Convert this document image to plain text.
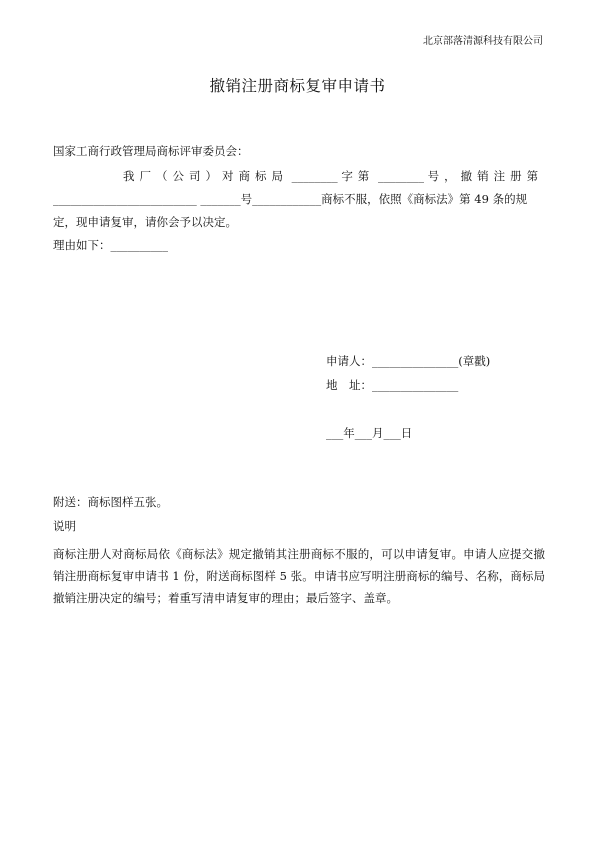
北京部落清源科技有限公司
撤销注册商标复审申请书
国家工商行政管理局商标评审委员会：
我厂（公司）对商标局 ________ 字第 ________ 号，撤销注册第
_________________________ _______号____________商标不服，依照《商标法》第 49 条的规
定，现申请复审，请你会予以决定。
理由如下：__________
申请人：_______________(章戳)
地　址：_______________
___年___月___日
附送：商标图样五张。
说明
商标注册人对商标局依《商标法》规定撤销其注册商标不服的，可以申请复审。申请人应提交撤销注册商标复审申请书 1 份，附送商标图样 5 张。申请书应写明注册商标的编号、名称，商标局撤销注册决定的编号；着重写清申请复审的理由；最后签字、盖章。
